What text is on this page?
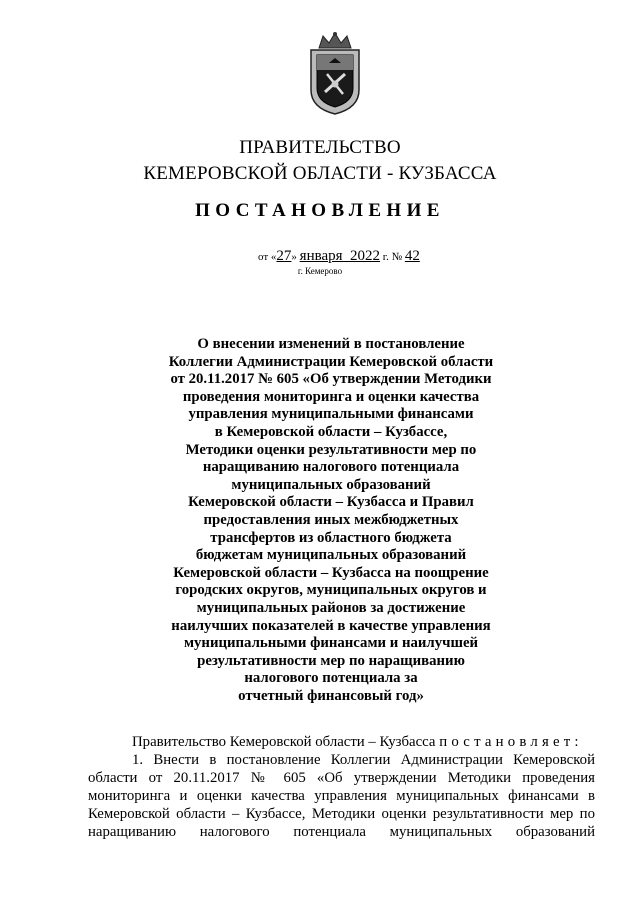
ПРАВИТЕЛЬСТВО
КЕМЕРОВСКОЙ ОБЛАСТИ - КУЗБАССА
ПОСТАНОВЛЕНИЕ
от «27» января  2022 г. № 42
г. Кемерово
О внесении изменений в постановление
Коллегии Администрации Кемеровской области
от 20.11.2017 № 605 «Об утверждении Методики
проведения мониторинга и оценки качества
управления муниципальными финансами
в Кемеровской области – Кузбассе,
Методики оценки результативности мер по
наращиванию налогового потенциала
муниципальных образований
Кемеровской области – Кузбасса и Правил
предоставления иных межбюджетных
трансфертов из областного бюджета
бюджетам муниципальных образований
Кемеровской области – Кузбасса на поощрение
городских округов, муниципальных округов и
муниципальных районов за достижение
наилучших показателей в качестве управления
муниципальными финансами и наилучшей
результативности мер по наращиванию
налогового потенциала за
отчетный финансовый год»

Правительство Кемеровской области – Кузбасса постановляет:

1. Внести в постановление Коллегии Администрации Кемеровской

области от 20.11.2017 № 605 «Об утверждении Методики проведения

мониторинга и оценки качества управления муниципальных финансами в

Кемеровской области – Кузбассе, Методики оценки результативности мер по

наращиванию налогового потенциала муниципальных образований
